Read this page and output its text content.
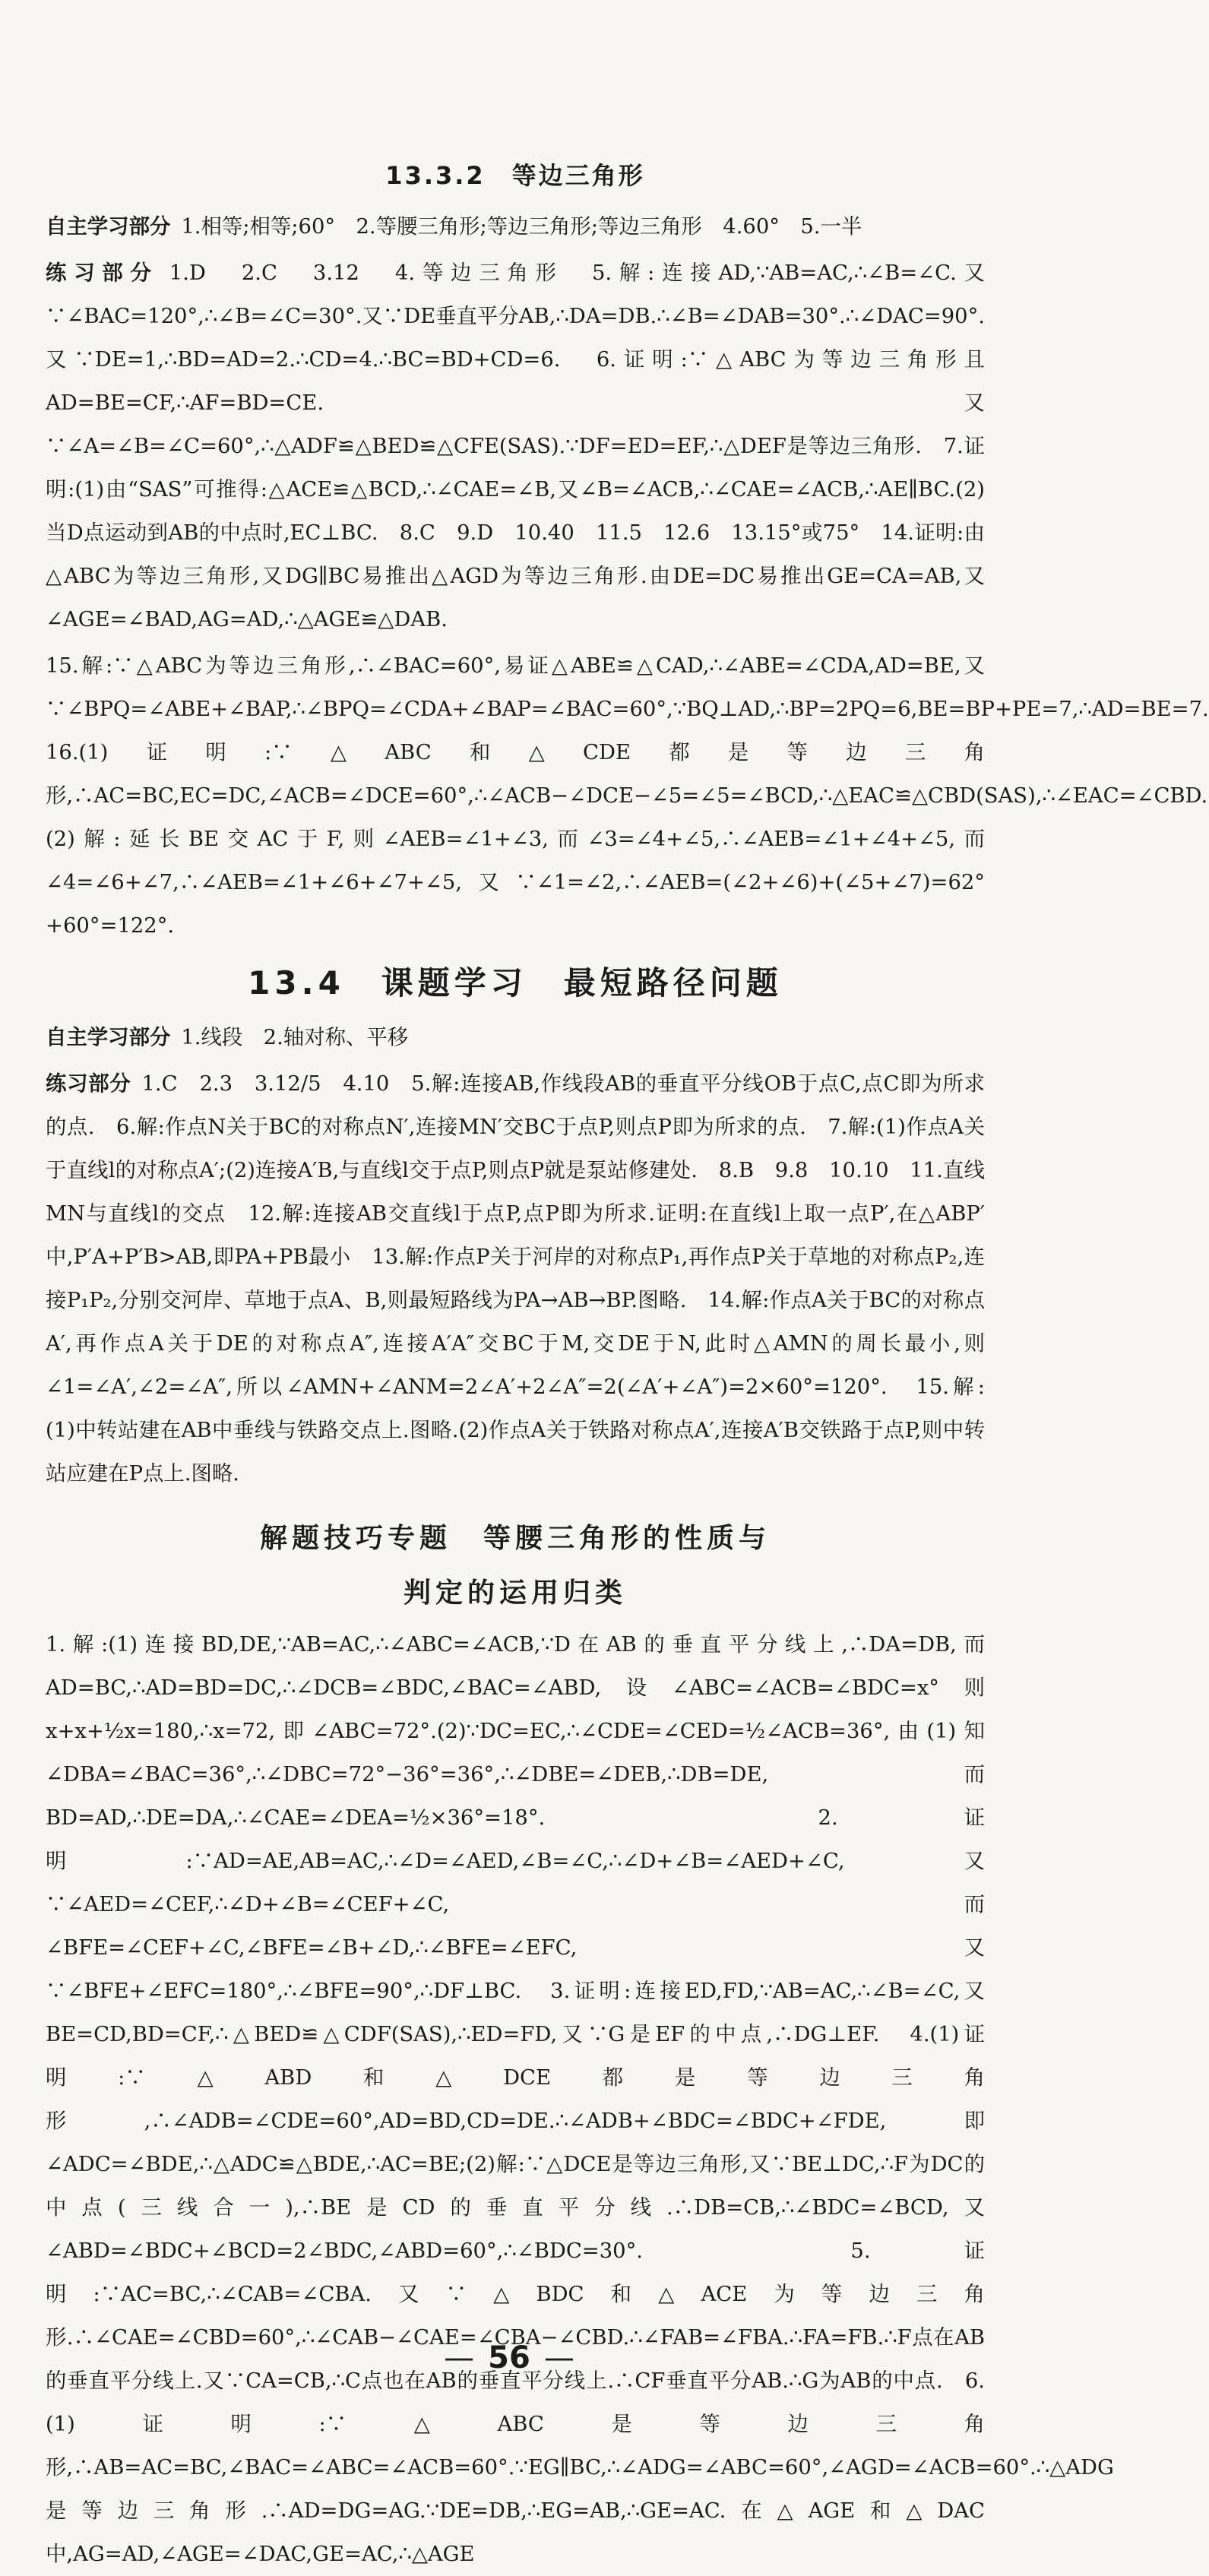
13.3.2　等边三角形

自主学习部分 1.相等;相等;60°　2.等腰三角形;等边三角形;等边三角形　4.60°　5.一半

练习部分 1.D　2.C　3.12　4.等边三角形　5.解:连接AD,∵AB=AC,∴∠B=∠C.又∵∠BAC=120°,∴∠B=∠C=30°.又∵DE垂直平分AB,∴DA=DB.∴∠B=∠DAB=30°.∴∠DAC=90°.又∵DE=1,∴BD=AD=2.∴CD=4.∴BC=BD+CD=6.　6.证明:∵△ABC为等边三角形且AD=BE=CF,∴AF=BD=CE.又∵∠A=∠B=∠C=60°,∴△ADF≌△BED≌△CFE(SAS).∵DF=ED=EF,∴△DEF是等边三角形.　7.证明:(1)由“SAS”可推得:△ACE≌△BCD,∴∠CAE=∠B,又∠B=∠ACB,∴∠CAE=∠ACB,∴AE∥BC.(2)当D点运动到AB的中点时,EC⊥BC.　8.C　9.D　10.40　11.5　12.6　13.15°或75°　14.证明:由△ABC为等边三角形,又DG∥BC易推出△AGD为等边三角形.由DE=DC易推出GE=CA=AB,又∠AGE=∠BAD,AG=AD,∴△AGE≌△DAB.

15.解:∵△ABC为等边三角形,∴∠BAC=60°,易证△ABE≌△CAD,∴∠ABE=∠CDA,AD=BE,又∵∠BPQ=∠ABE+∠BAP,∴∠BPQ=∠CDA+∠BAP=∠BAC=60°,∵BQ⊥AD,∴BP=2PQ=6,BE=BP+PE=7,∴AD=BE=7.　16.(1)证明:∵△ABC和△CDE都是等边三角形,∴AC=BC,EC=DC,∠ACB=∠DCE=60°,∴∠ACB−∠DCE−∠5=∠5=∠BCD,∴△EAC≌△CBD(SAS),∴∠EAC=∠CBD.(2)解:延长BE交AC于F,则∠AEB=∠1+∠3,而∠3=∠4+∠5,∴∠AEB=∠1+∠4+∠5,而∠4=∠6+∠7,∴∠AEB=∠1+∠6+∠7+∠5,又∵∠1=∠2,∴∠AEB=(∠2+∠6)+(∠5+∠7)=62°+60°=122°.

13.4　课题学习　最短路径问题

自主学习部分 1.线段　2.轴对称、平移

练习部分 1.C　2.3　3.12/5　4.10　5.解:连接AB,作线段AB的垂直平分线OB于点C,点C即为所求的点.　6.解:作点N关于BC的对称点N′,连接MN′交BC于点P,则点P即为所求的点.　7.解:(1)作点A关于直线l的对称点A′;(2)连接A′B,与直线l交于点P,则点P就是泵站修建处.　8.B　9.8　10.10　11.直线MN与直线l的交点　12.解:连接AB交直线l于点P,点P即为所求.证明:在直线l上取一点P′,在△ABP′中,P′A+P′B>AB,即PA+PB最小　13.解:作点P关于河岸的对称点P₁,再作点P关于草地的对称点P₂,连接P₁P₂,分别交河岸、草地于点A、B,则最短路线为PA→AB→BP.图略.　14.解:作点A关于BC的对称点A′,再作点A关于DE的对称点A″,连接A′A″交BC于M,交DE于N,此时△AMN的周长最小,则∠1=∠A′,∠2=∠A″,所以∠AMN+∠ANM=2∠A′+2∠A″=2(∠A′+∠A″)=2×60°=120°.　15.解:(1)中转站建在AB中垂线与铁路交点上.图略.(2)作点A关于铁路对称点A′,连接A′B交铁路于点P,则中转站应建在P点上.图略.

解题技巧专题　等腰三角形的性质与
判定的运用归类

1.解:(1)连接BD,DE,∵AB=AC,∴∠ABC=∠ACB,∵D在AB的垂直平分线上,∴DA=DB,而AD=BC,∴AD=BD=DC,∴∠DCB=∠BDC,∠BAC=∠ABD,设∠ABC=∠ACB=∠BDC=x°则x+x+½x=180,∴x=72,即∠ABC=72°.(2)∵DC=EC,∴∠CDE=∠CED=½∠ACB=36°,由(1)知∠DBA=∠BAC=36°,∴∠DBC=72°−36°=36°,∴∠DBE=∠DEB,∴DB=DE,而BD=AD,∴DE=DA,∴∠CAE=∠DEA=½×36°=18°.　2.证明:∵AD=AE,AB=AC,∴∠D=∠AED,∠B=∠C,∴∠D+∠B=∠AED+∠C,又∵∠AED=∠CEF,∴∠D+∠B=∠CEF+∠C,而∠BFE=∠CEF+∠C,∠BFE=∠B+∠D,∴∠BFE=∠EFC,又∵∠BFE+∠EFC=180°,∴∠BFE=90°,∴DF⊥BC.　3.证明:连接ED,FD,∵AB=AC,∴∠B=∠C,又BE=CD,BD=CF,∴△BED≌△CDF(SAS),∴ED=FD,又∵G是EF的中点,∴DG⊥EF.　4.(1)证明:∵△ABD和△DCE都是等边三角形,∴∠ADB=∠CDE=60°,AD=BD,CD=DE.∴∠ADB+∠BDC=∠BDC+∠FDE,即∠ADC=∠BDE,∴△ADC≌△BDE,∴AC=BE;(2)解:∵△DCE是等边三角形,又∵BE⊥DC,∴F为DC的中点(三线合一),∴BE是CD的垂直平分线.∴DB=CB,∴∠BDC=∠BCD,又∠ABD=∠BDC+∠BCD=2∠BDC,∠ABD=60°,∴∠BDC=30°.　5.证明:∵AC=BC,∴∠CAB=∠CBA.又∵△BDC和△ACE为等边三角形.∴∠CAE=∠CBD=60°,∴∠CAB−∠CAE=∠CBA−∠CBD.∴∠FAB=∠FBA.∴FA=FB.∴F点在AB的垂直平分线上.又∵CA=CB,∴C点也在AB的垂直平分线上.∴CF垂直平分AB.∴G为AB的中点.　6.(1)证明:∵△ABC是等边三角形,∴AB=AC=BC,∠BAC=∠ABC=∠ACB=60°.∵EG∥BC,∴∠ADG=∠ABC=60°,∠AGD=∠ACB=60°.∴△ADG是等边三角形.∴AD=DG=AG.∵DE=DB,∴EG=AB,∴GE=AC.在△AGE和△DAC中,AG=AD,∠AGE=∠DAC,GE=AC,∴△AGE

— 56 —
